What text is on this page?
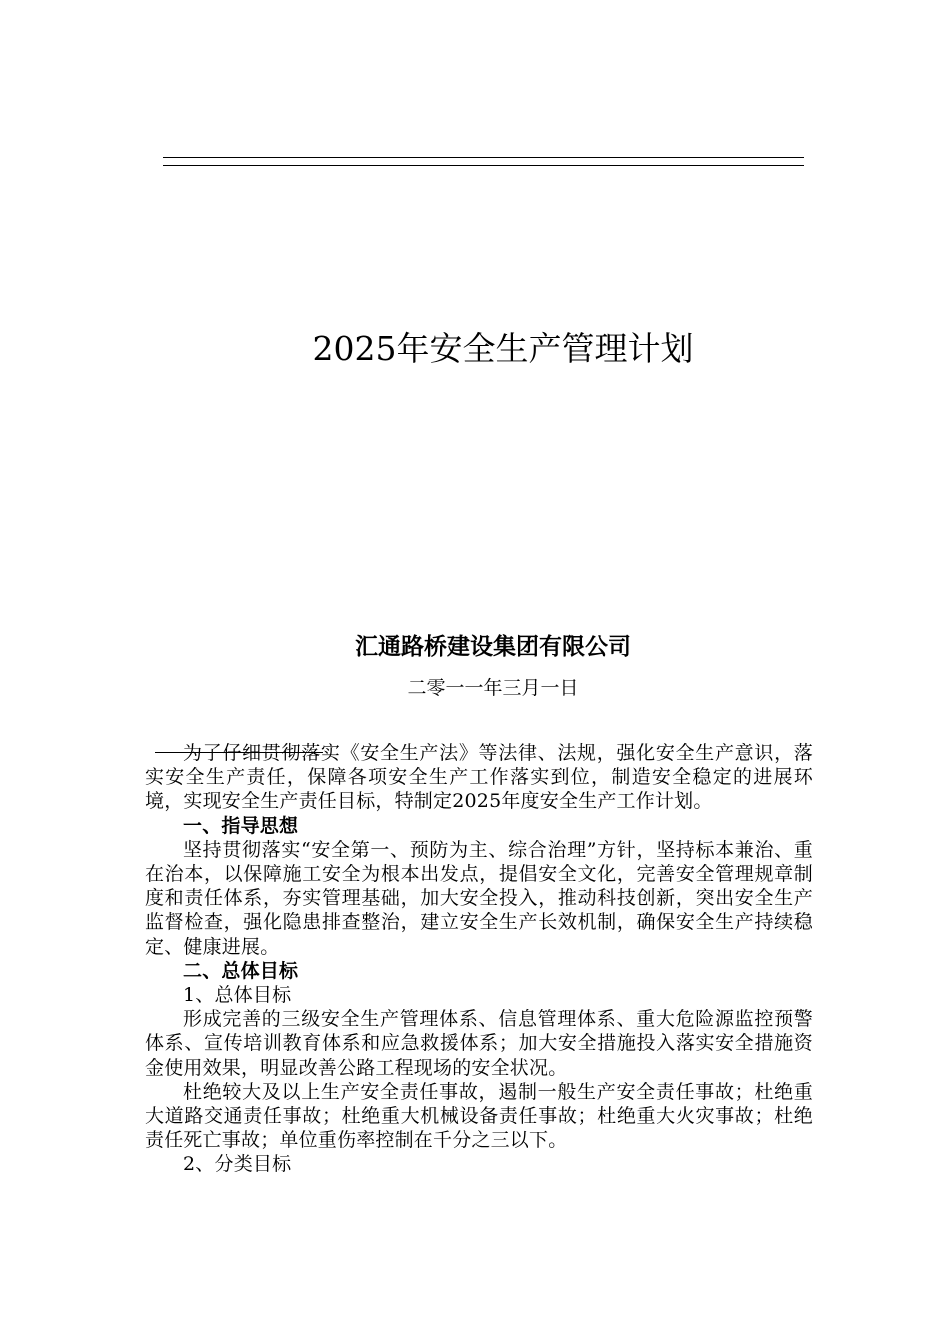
2025年安全生产管理计划
汇通路桥建设集团有限公司
二零一一年三月一日

为了仔细贯彻落实《安全生产法》等法律、法规，强化安全生产意识，落实安全生产责任，保障各项安全生产工作落实到位，制造安全稳定的进展环境，实现安全生产责任目标，特制定2025年度安全生产工作计划。

一、指导思想

坚持贯彻落实“安全第一、预防为主、综合治理”方针，坚持标本兼治、重在治本，以保障施工安全为根本出发点，提倡安全文化，完善安全管理规章制度和责任体系，夯实管理基础，加大安全投入，推动科技创新，突出安全生产监督检查，强化隐患排查整治，建立安全生产长效机制，确保安全生产持续稳定、健康进展。

二、总体目标

1、总体目标

形成完善的三级安全生产管理体系、信息管理体系、重大危险源监控预警体系、宣传培训教育体系和应急救援体系；加大安全措施投入落实安全措施资金使用效果，明显改善公路工程现场的安全状况。

杜绝较大及以上生产安全责任事故，遏制一般生产安全责任事故；杜绝重大道路交通责任事故；杜绝重大机械设备责任事故；杜绝重大火灾事故；杜绝责任死亡事故；单位重伤率控制在千分之三以下。

2、分类目标
